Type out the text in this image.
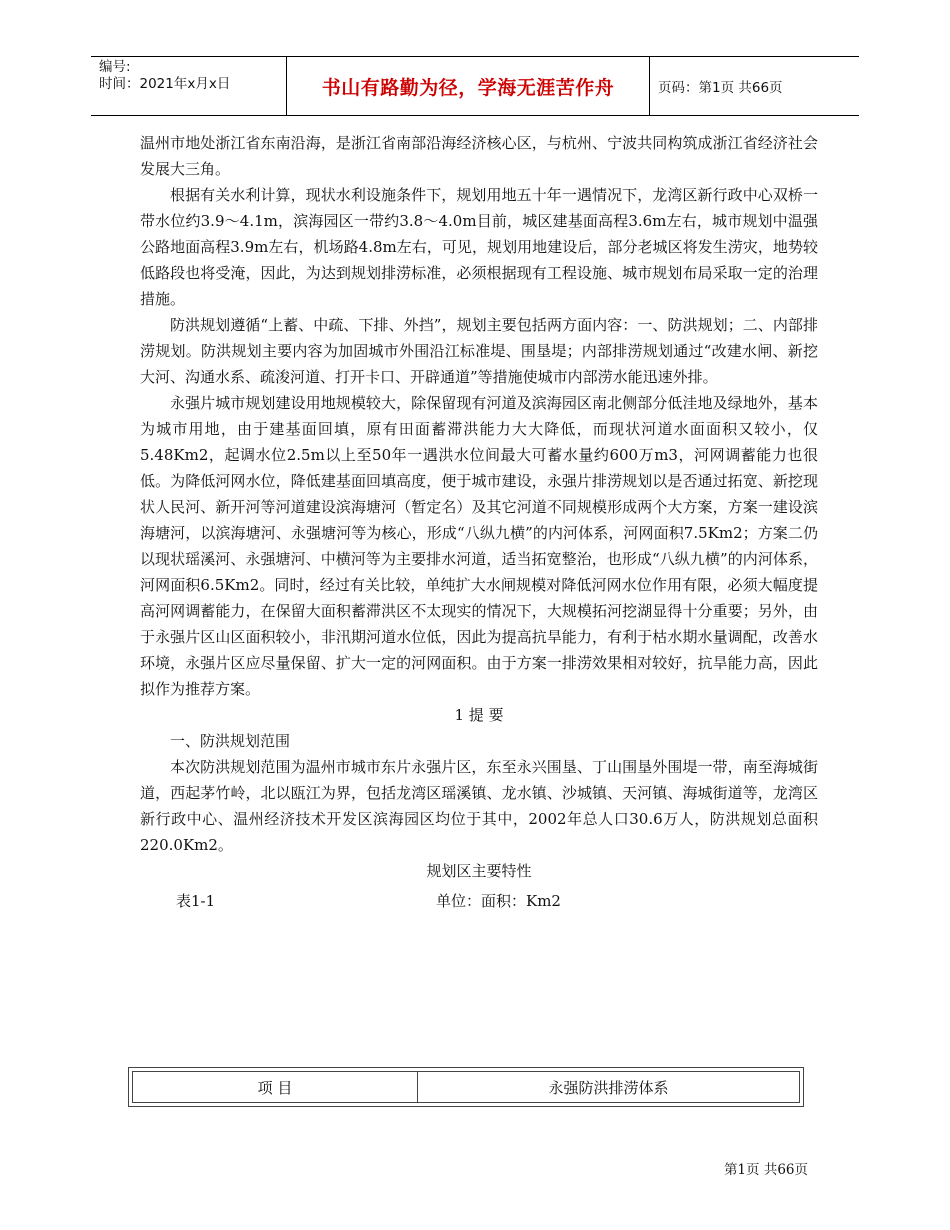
编号:
时间：2021年x月x日	书山有路勤为径，学海无涯苦作舟	页码：第1页 共66页

温州市地处浙江省东南沿海，是浙江省南部沿海经济核心区，与杭州、宁波共同构筑成浙江省经济社会发展大三角。

根据有关水利计算，现状水利设施条件下，规划用地五十年一遇情况下，龙湾区新行政中心双桥一带水位约3.9～4.1m，滨海园区一带约3.8～4.0m目前，城区建基面高程3.6m左右，城市规划中温强公路地面高程3.9m左右，机场路4.8m左右，可见，规划用地建设后，部分老城区将发生涝灾，地势较低路段也将受淹，因此，为达到规划排涝标准，必须根据现有工程设施、城市规划布局采取一定的治理措施。

防洪规划遵循“上蓄、中疏、下排、外挡”，规划主要包括两方面内容：一、防洪规划；二、内部排涝规划。防洪规划主要内容为加固城市外围沿江标准堤、围垦堤；内部排涝规划通过“改建水闸、新挖大河、沟通水系、疏浚河道、打开卡口、开辟通道”等措施使城市内部涝水能迅速外排。

永强片城市规划建设用地规模较大，除保留现有河道及滨海园区南北侧部分低洼地及绿地外，基本为城市用地，由于建基面回填，原有田面蓄滞洪能力大大降低，而现状河道水面面积又较小，仅5.48Km2，起调水位2.5m以上至50年一遇洪水位间最大可蓄水量约600万m3，河网调蓄能力也很低。为降低河网水位，降低建基面回填高度，便于城市建设，永强片排涝规划以是否通过拓宽、新挖现状人民河、新开河等河道建设滨海塘河（暂定名）及其它河道不同规模形成两个大方案，方案一建设滨海塘河，以滨海塘河、永强塘河等为核心，形成“八纵九横”的内河体系，河网面积7.5Km2；方案二仍以现状瑶溪河、永强塘河、中横河等为主要排水河道，适当拓宽整治，也形成“八纵九横”的内河体系，河网面积6.5Km2。同时，经过有关比较，单纯扩大水闸规模对降低河网水位作用有限，必须大幅度提高河网调蓄能力，在保留大面积蓄滞洪区不太现实的情况下，大规模拓河挖湖显得十分重要；另外，由于永强片区山区面积较小，非汛期河道水位低，因此为提高抗旱能力，有利于枯水期水量调配，改善水环境，永强片区应尽量保留、扩大一定的河网面积。由于方案一排涝效果相对较好，抗旱能力高，因此拟作为推荐方案。

1 提 要

一、防洪规划范围

本次防洪规划范围为温州市城市东片永强片区，东至永兴围垦、丁山围垦外围堤一带，南至海城街道，西起茅竹岭，北以瓯江为界，包括龙湾区瑶溪镇、龙水镇、沙城镇、天河镇、海城街道等，龙湾区新行政中心、温州经济技术开发区滨海园区均位于其中，2002年总人口30.6万人，防洪规划总面积220.0Km2。

规划区主要特性

表1-1	单位：面积：Km2
项 目	永强防洪排涝体系
第1页 共66页
